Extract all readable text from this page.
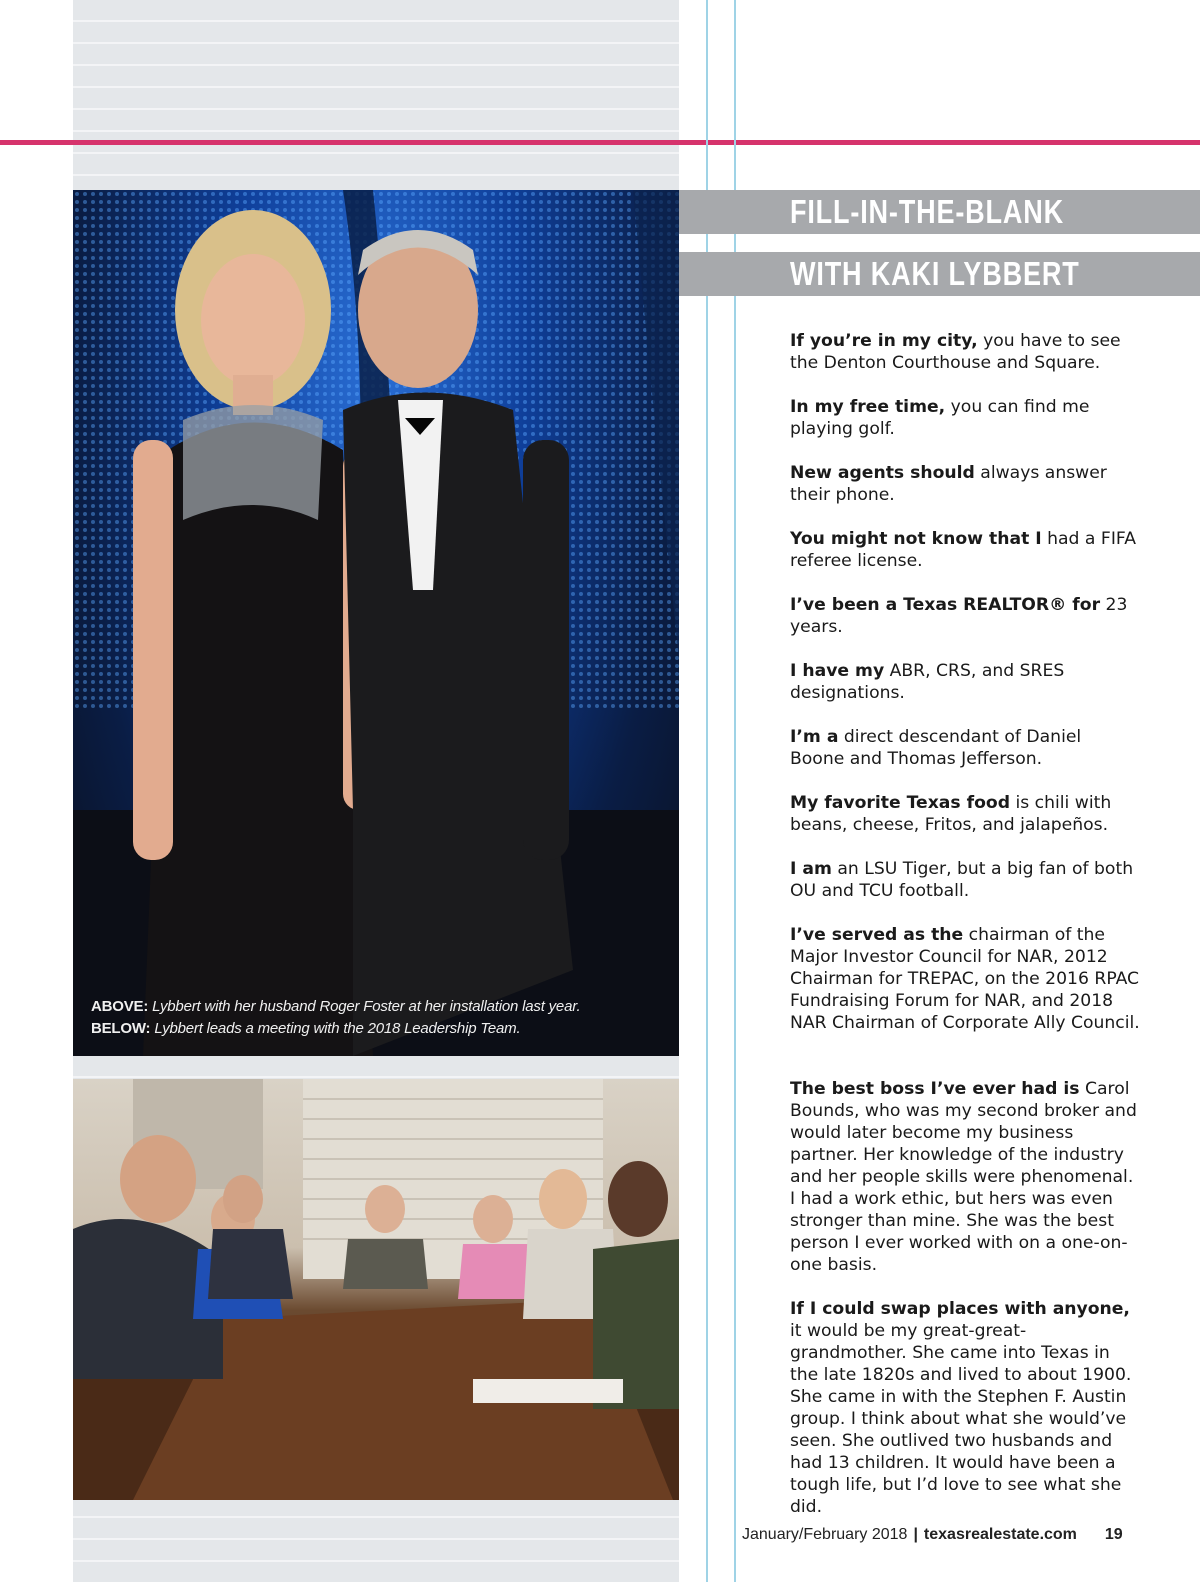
ABOVE: Lybbert with her husband Roger Foster at her installation last year.
BELOW: Lybbert leads a meeting with the 2018 Leadership Team.
FILL-IN-THE-BLANK
WITH KAKI LYBBERT
If you’re in my city, you have to see the Denton Courthouse and Square.
In my free time, you can find me playing golf.
New agents should always answer their phone.
You might not know that I had a FIFA referee license.
I’ve been a Texas REALTOR® for 23 years.
I have my ABR, CRS, and SRES designations.
I’m a direct descendant of Daniel Boone and Thomas Jefferson.
My favorite Texas food is chili with beans, cheese, Fritos, and jalapeños.
I am an LSU Tiger, but a big fan of both OU and TCU football.
I’ve served as the chairman of the Major Investor Council for NAR, 2012 Chairman for TREPAC, on the 2016 RPAC Fundraising Forum for NAR, and 2018 NAR Chairman of Corporate Ally Council.
The best boss I’ve ever had is Carol Bounds, who was my second broker and would later become my business partner. Her knowledge of the industry and her people skills were phenomenal. I had a work ethic, but hers was even stronger than mine. She was the best person I ever worked with on a one-on-one basis.
If I could swap places with anyone, it would be my great-great-grandmother. She came into Texas in the late 1820s and lived to about 1900. She came in with the Stephen F. Austin group. I think about what she would’ve seen. She outlived two husbands and had 13 children. It would have been a tough life, but I’d love to see what she did.
January/February 2018 | texasrealestate.com 19
